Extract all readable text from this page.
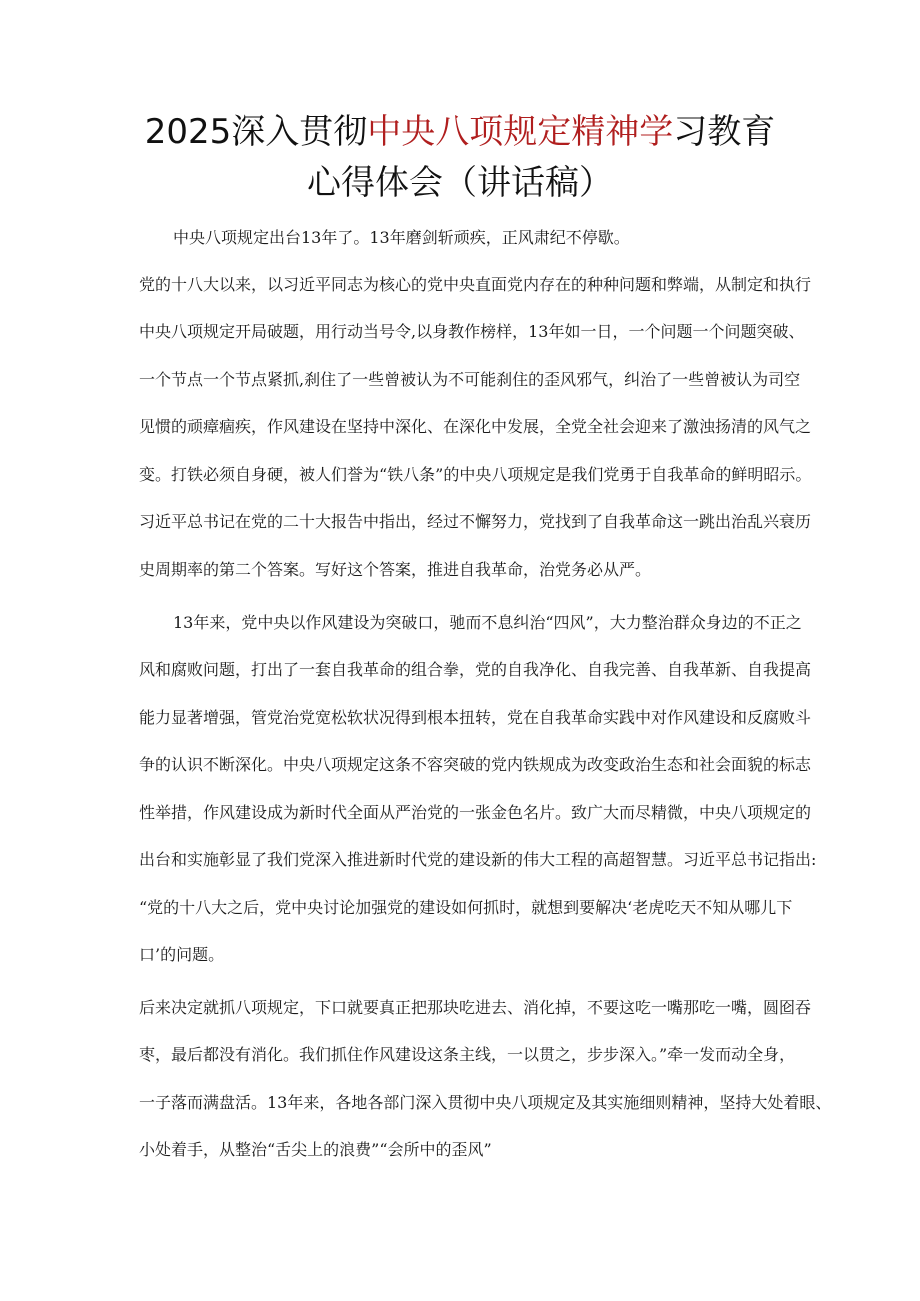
2025深入贯彻中央八项规定精神学习教育
心得体会（讲话稿）
中央八项规定出台13年了。13年磨剑斩顽疾，正风肃纪不停歇。
党的十八大以来，以习近平同志为核心的党中央直面党内存在的种种问题和弊端，从制定和执行
中央八项规定开局破题，用行动当号令,以身教作榜样，13年如一日，一个问题一个问题突破、
一个节点一个节点紧抓,刹住了一些曾被认为不可能刹住的歪风邪气，纠治了一些曾被认为司空
见惯的顽瘴痼疾，作风建设在坚持中深化、在深化中发展，全党全社会迎来了激浊扬清的风气之
变。打铁必须自身硬，被人们誉为“铁八条”的中央八项规定是我们党勇于自我革命的鲜明昭示。
习近平总书记在党的二十大报告中指出，经过不懈努力，党找到了自我革命这一跳出治乱兴衰历
史周期率的第二个答案。写好这个答案，推进自我革命，治党务必从严。
13年来，党中央以作风建设为突破口，驰而不息纠治“四风”，大力整治群众身边的不正之
风和腐败问题，打出了一套自我革命的组合拳，党的自我净化、自我完善、自我革新、自我提高
能力显著增强，管党治党宽松软状况得到根本扭转，党在自我革命实践中对作风建设和反腐败斗
争的认识不断深化。中央八项规定这条不容突破的党内铁规成为改变政治生态和社会面貌的标志
性举措，作风建设成为新时代全面从严治党的一张金色名片。致广大而尽精微，中央八项规定的
出台和实施彰显了我们党深入推进新时代党的建设新的伟大工程的高超智慧。习近平总书记指出:
“党的十八大之后，党中央讨论加强党的建设如何抓时，就想到要解决‘老虎吃天不知从哪儿下
口’的问题。
后来决定就抓八项规定，下口就要真正把那块吃进去、消化掉，不要这吃一嘴那吃一嘴，圆囵吞
枣，最后都没有消化。我们抓住作风建设这条主线，一以贯之，步步深入。”牵一发而动全身，
一子落而满盘活。13年来，各地各部门深入贯彻中央八项规定及其实施细则精神，坚持大处着眼、
小处着手，从整治“舌尖上的浪费”“会所中的歪风”
